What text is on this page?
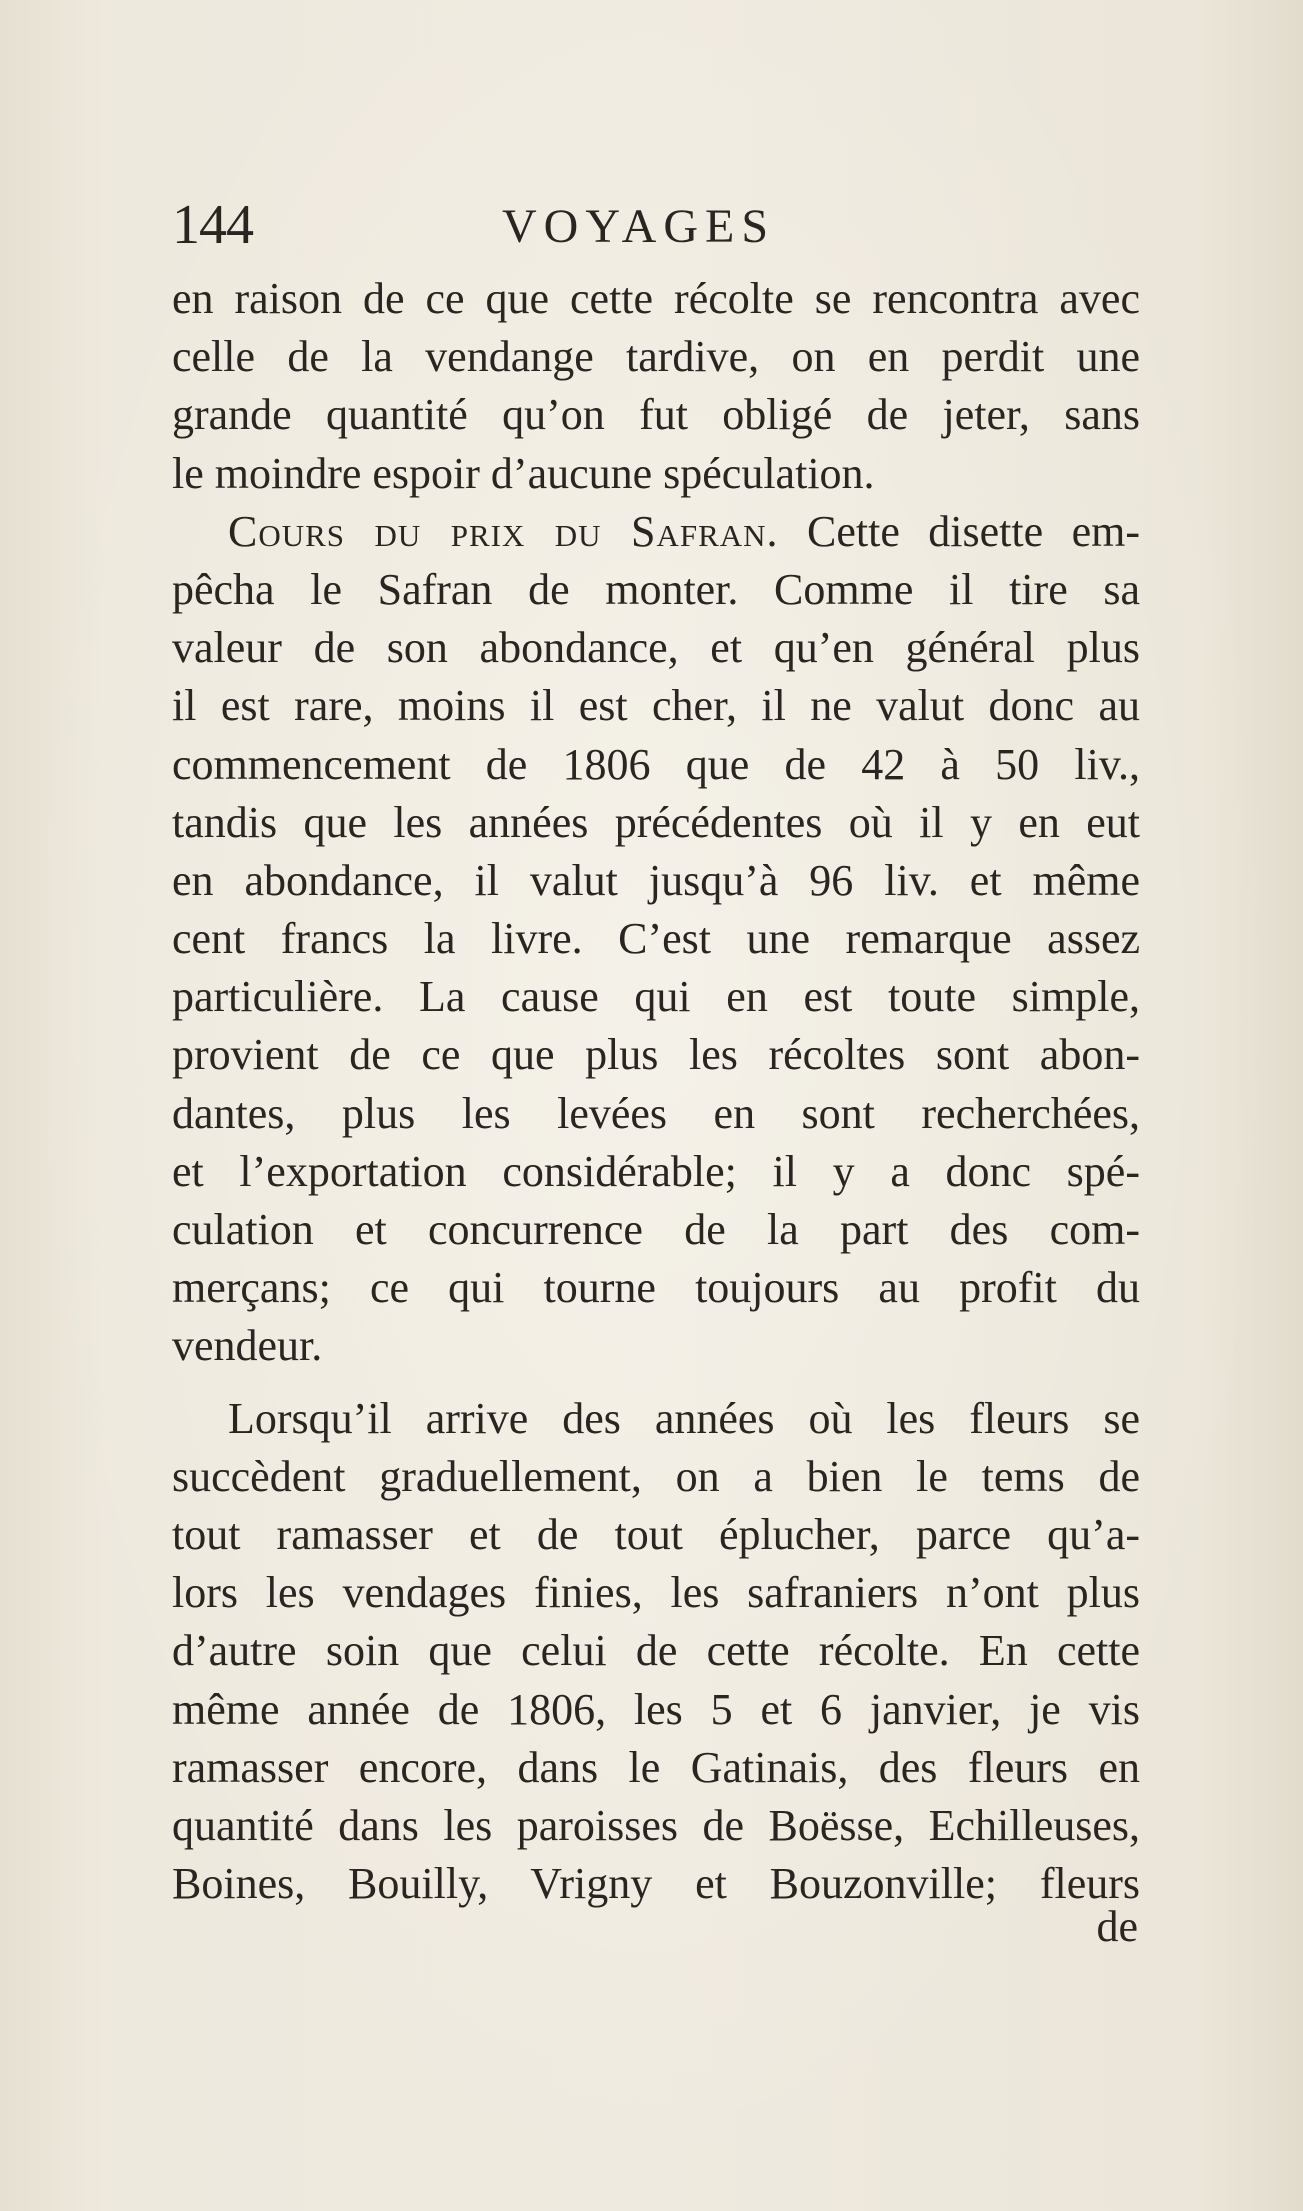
144	VOYAGES
en raison de ce que cette récolte se rencontra avec
celle de la vendange tardive, on en perdit une
grande quantité qu’on fut obligé de jeter, sans
le moindre espoir d’aucune spéculation.
Cours du prix du Safran. Cette disette em-
pêcha le Safran de monter. Comme il tire sa
valeur de son abondance, et qu’en général plus
il est rare, moins il est cher, il ne valut donc au
commencement de 1806 que de 42 à 50 liv.,
tandis que les années précédentes où il y en eut
en abondance, il valut jusqu’à 96 liv. et même
cent francs la livre. C’est une remarque assez
particulière. La cause qui en est toute simple,
provient de ce que plus les récoltes sont abon-
dantes, plus les levées en sont recherchées,
et l’exportation considérable; il y a donc spé-
culation et concurrence de la part des com-
merçans; ce qui tourne toujours au profit du
vendeur.
Lorsqu’il arrive des années où les fleurs se
succèdent graduellement, on a bien le tems de
tout ramasser et de tout éplucher, parce qu’a-
lors les vendages finies, les safraniers n’ont plus
d’autre soin que celui de cette récolte. En cette
même année de 1806, les 5 et 6 janvier, je vis
ramasser encore, dans le Gatinais, des fleurs en
quantité dans les paroisses de Boësse, Echilleuses,
Boines, Bouilly, Vrigny et Bouzonville; fleurs
de
